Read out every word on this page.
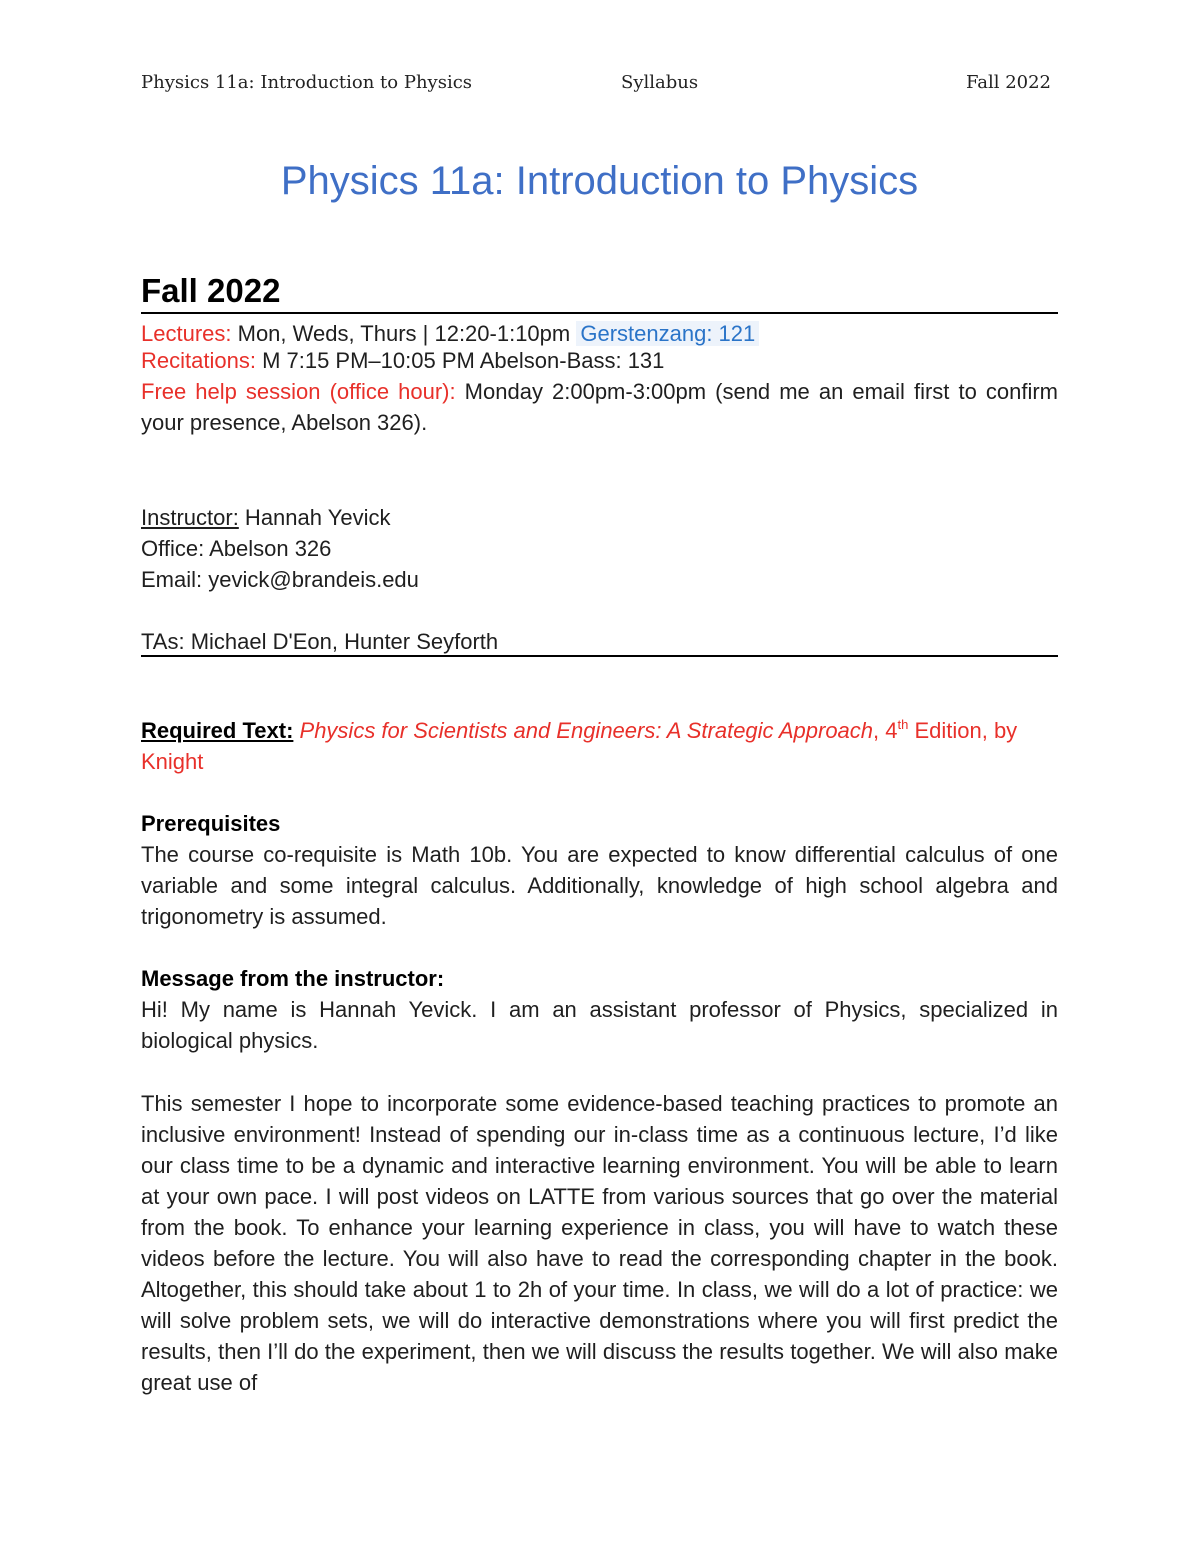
Physics 11a: Introduction to Physics	Syllabus	Fall 2022
Physics 11a: Introduction to Physics
Fall 2022
Lectures: Mon, Weds, Thurs | 12:20-1:10pm Gerstenzang: 121
Recitations: M 7:15 PM–10:05 PM Abelson-Bass: 131

Free help session (office hour): Monday 2:00pm-3:00pm (send me an email first to confirm your presence, Abelson 326).

Instructor: Hannah Yevick
Office: Abelson 326
Email: yevick@brandeis.edu
TAs: Michael D'Eon, Hunter Seyforth

Required Text: Physics for Scientists and Engineers: A Strategic Approach, 4th Edition, by Knight

Prerequisites

The course co-requisite is Math 10b. You are expected to know differential calculus of one variable and some integral calculus. Additionally, knowledge of high school algebra and trigonometry is assumed.

Message from the instructor:

Hi! My name is Hannah Yevick. I am an assistant professor of Physics, specialized in biological physics.

This semester I hope to incorporate some evidence-based teaching practices to promote an inclusive environment! Instead of spending our in-class time as a continuous lecture, I’d like our class time to be a dynamic and interactive learning environment. You will be able to learn at your own pace. I will post videos on LATTE from various sources that go over the material from the book. To enhance your learning experience in class, you will have to watch these videos before the lecture. You will also have to read the corresponding chapter in the book. Altogether, this should take about 1 to 2h of your time. In class, we will do a lot of practice: we will solve problem sets, we will do interactive demonstrations where you will first predict the results, then I’ll do the experiment, then we will discuss the results together. We will also make great use of
